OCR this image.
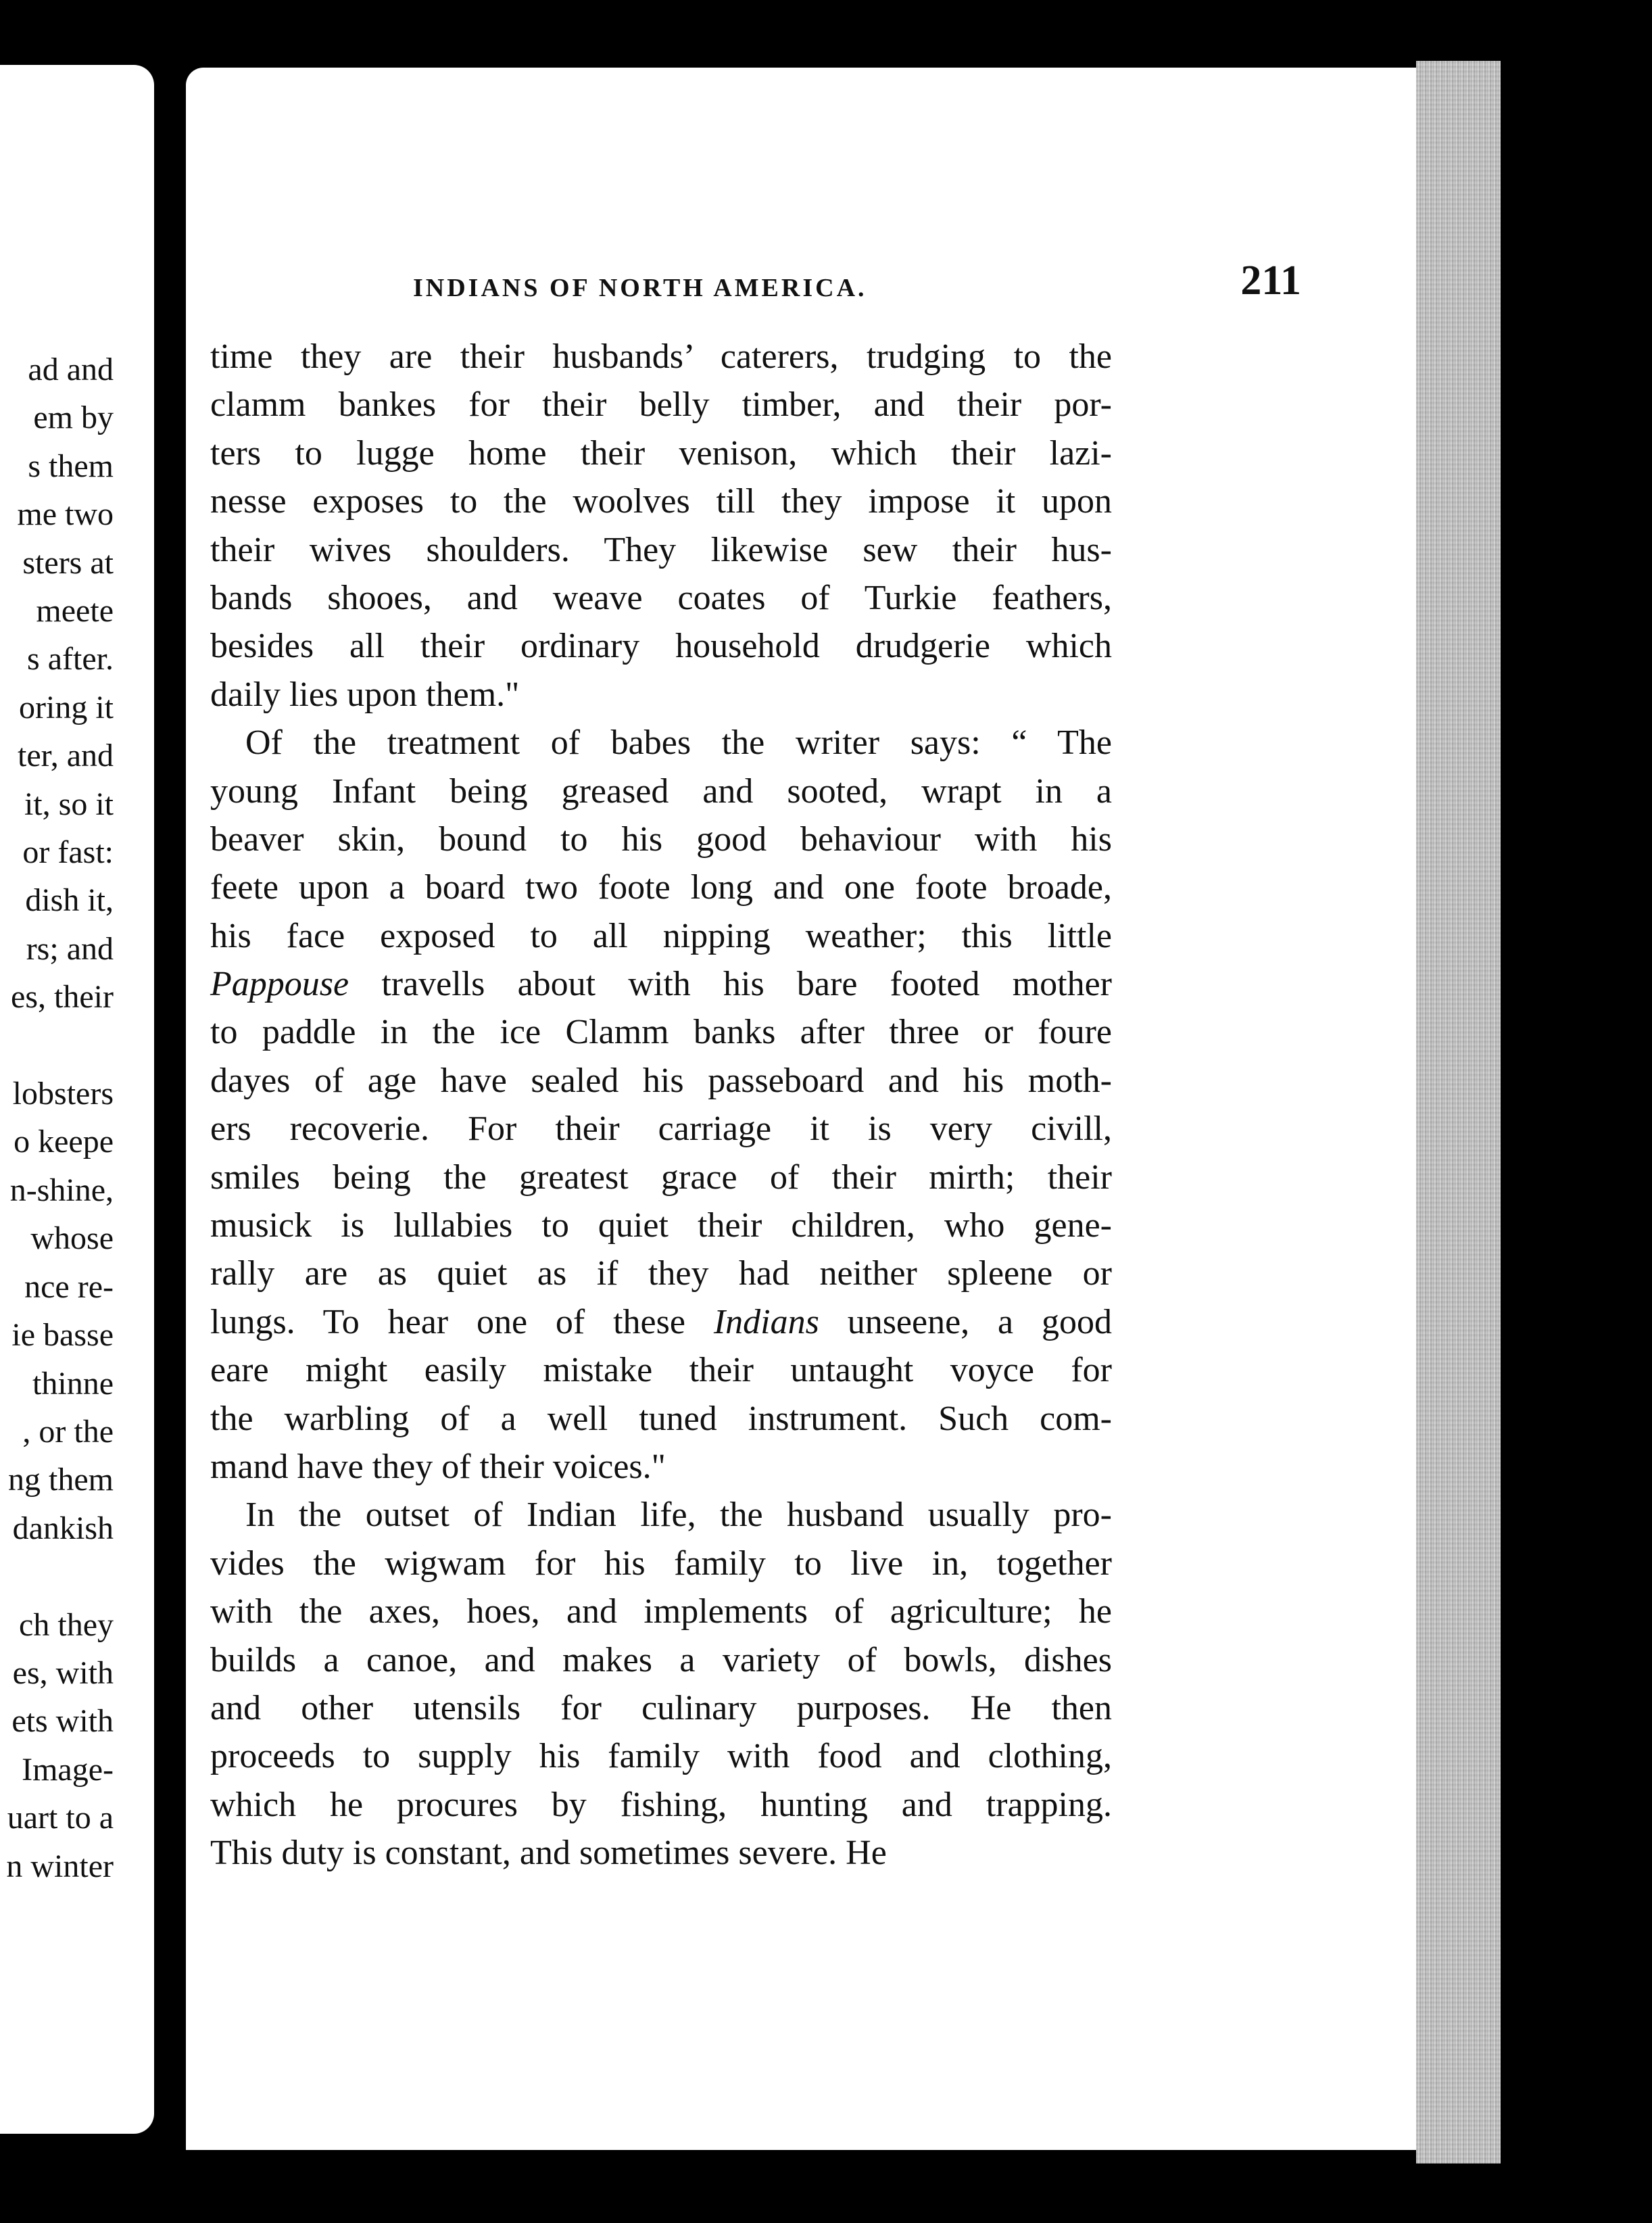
ad and
em by
s them
me two
sters at
meete
s after.
oring it
ter, and
it, so it
or fast:
dish it,
rs; and
es, their
lobsters
o keepe
n-shine,
whose
nce re-
ie basse
thinne
, or the
ng them
dankish
ch they
es, with
ets with
Image-
uart to a
n winter
INDIANS OF NORTH AMERICA.	211
time they are their husbands’ caterers, trudging to the
clamm bankes for their belly timber, and their por-
ters to lugge home their venison, which their lazi-
nesse exposes to the woolves till they impose it upon
their wives shoulders. They likewise sew their hus-
bands shooes, and weave coates of Turkie feathers,
besides all their ordinary household drudgerie which
daily lies upon them."
Of the treatment of babes the writer says: “ The
young Infant being greased and sooted, wrapt in a
beaver skin, bound to his good behaviour with his
feete upon a board two foote long and one foote broade,
his face exposed to all nipping weather; this little
Pappouse travells about with his bare footed mother
to paddle in the ice Clamm banks after three or foure
dayes of age have sealed his passeboard and his moth-
ers recoverie. For their carriage it is very civill,
smiles being the greatest grace of their mirth; their
musick is lullabies to quiet their children, who gene-
rally are as quiet as if they had neither spleene or
lungs. To hear one of these Indians unseene, a good
eare might easily mistake their untaught voyce for
the warbling of a well tuned instrument. Such com-
mand have they of their voices."
In the outset of Indian life, the husband usually pro-
vides the wigwam for his family to live in, together
with the axes, hoes, and implements of agriculture; he
builds a canoe, and makes a variety of bowls, dishes
and other utensils for culinary purposes. He then
proceeds to supply his family with food and clothing,
which he procures by fishing, hunting and trapping.
This duty is constant, and sometimes severe. He
